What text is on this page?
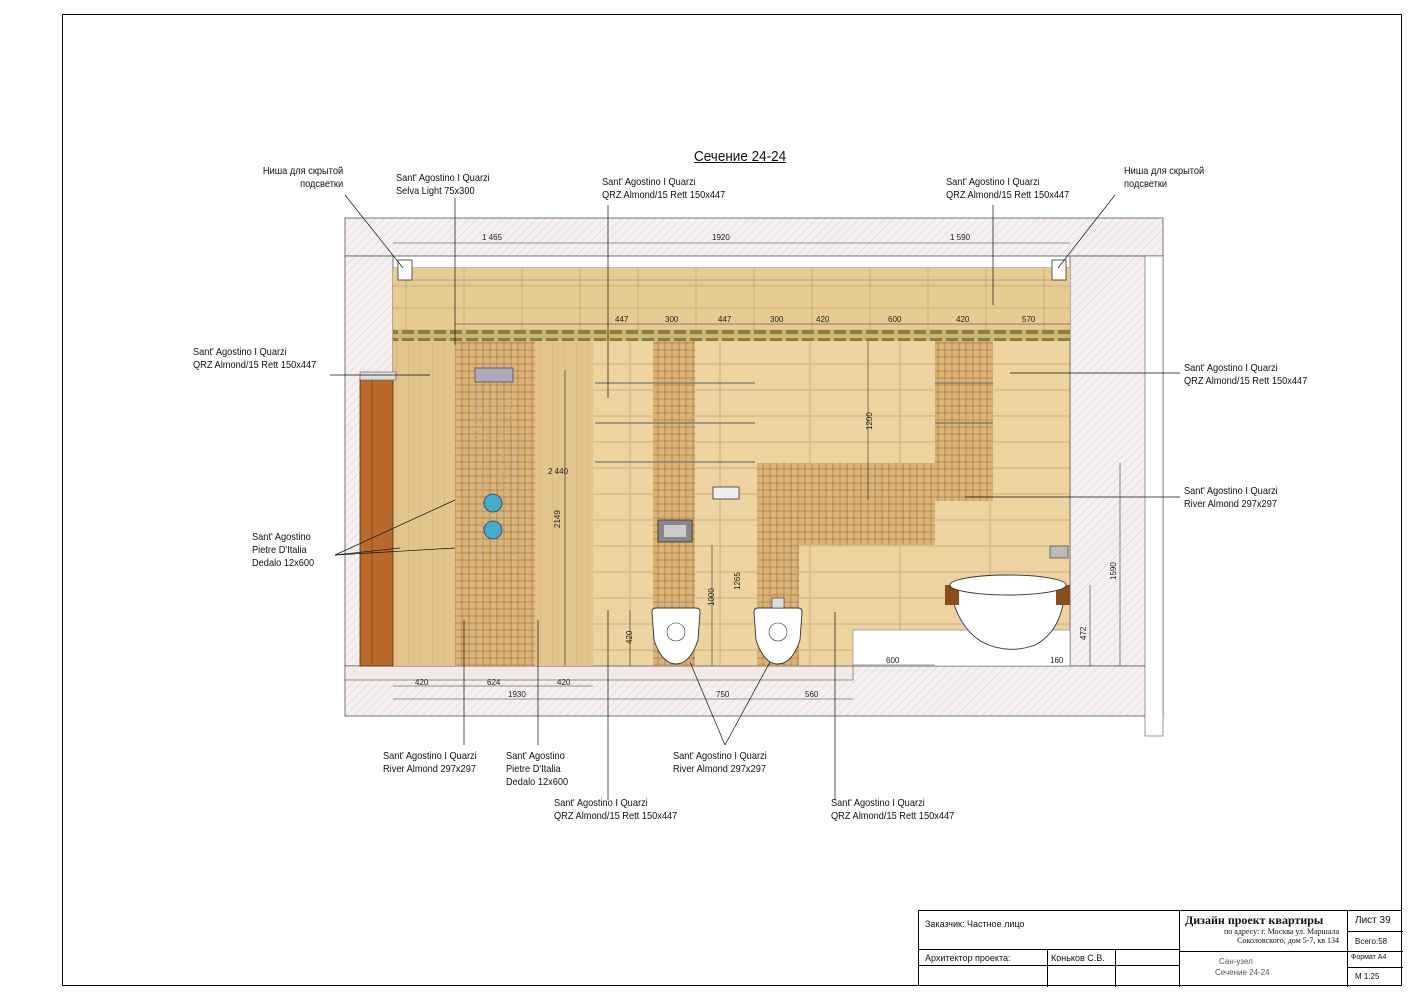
1 465	1920	1 590
447	300	447	300	420	600	420	570
2 440
2149
1200
1265
1000
420
1590
472
420	624	420
1930	750	560
600	160
Сечение 24-24
Ниша для скрытой
подсветки	Sant' Agostino I Quarzi
Selva Light 75x300
Sant' Agostino I Quarzi
QRZ Almond/15 Rett 150x447
Sant' Agostino I Quarzi
QRZ Almond/15 Rett 150x447
Ниша для скрытой
подсветки
Sant' Agostino I Quarzi
QRZ Almond/15 Rett 150x447	Sant' Agostino I Quarzi
QRZ Almond/15 Rett 150x447
Sant' Agostino I Quarzi
River Almond 297x297
Sant' Agostino
Pietre D'Italia
Dedalo 12x600
Sant' Agostino I Quarzi
River Almond 297x297
Sant' Agostino
Pietre D'Italia
Dedalo 12x600
Sant' Agostino I Quarzi
River Almond 297x297
Sant' Agostino I Quarzi
QRZ Almond/15 Rett 150x447
Sant' Agostino I Quarzi
QRZ Almond/15 Rett 150x447
Заказчик: Частное лицо
Архитектор проекта:	Коньков С.В.
Дизайн проект квартиры
по адресу: г. Москва ул. Маршала
Соколовского, дом 5-7, кв 134
Сан-узел
Сечение 24-24
Лист 39
Всего:58
Формат А4
М 1:25
